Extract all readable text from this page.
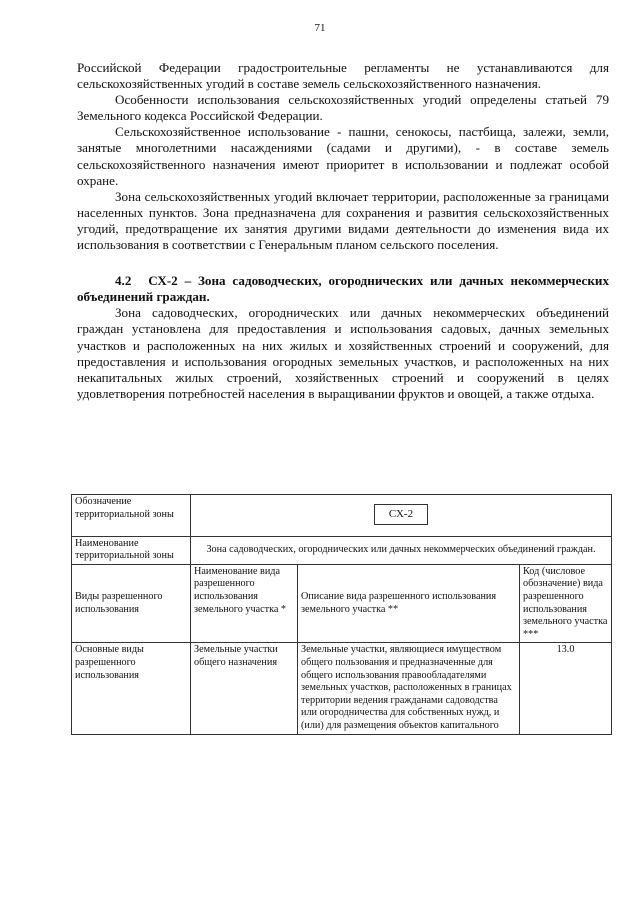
71

Российской Федерации градостроительные регламенты не устанавливаются для сельскохозяйственных угодий в составе земель сельскохозяйственного назначения.

Особенности использования сельскохозяйственных угодий определены статьей 79 Земельного кодекса Российской Федерации.

Сельскохозяйственное использование - пашни, сенокосы, пастбища, залежи, земли, занятые многолетними насаждениями (садами и другими), - в составе земель сельскохозяйственного назначения имеют приоритет в использовании и подлежат особой охране.

Зона сельскохозяйственных угодий включает территории, расположенные за границами населенных пунктов. Зона предназначена для сохранения и развития сельскохозяйственных угодий, предотвращение их занятия другими видами деятельности до изменения вида их использования в соответствии с Генеральным планом сельского поселения.

4.2 СХ-2 – Зона садоводческих, огороднических или дачных некоммерческих объединений граждан.

Зона садоводческих, огороднических или дачных некоммерческих объединений граждан установлена для предоставления и использования садовых, дачных земельных участков и расположенных на них жилых и хозяйственных строений и сооружений, для предоставления и использования огородных земельных участков, и расположенных на них некапитальных жилых строений, хозяйственных строений и сооружений в целях удовлетворения потребностей населения в выращивании фруктов и овощей, а также отдыха.

Обозначение территориальной зоны	СХ-2		
Наименование территориальной зоны	Зона садоводческих, огороднических или дачных некоммерческих объединений граждан.		
Виды разрешенного использования	Наименование вида разрешенного использования земельного участка *	Описание вида разрешенного использования земельного участка **	Код (числовое обозначение) вида разрешенного использования земельного участка ***
Основные виды разрешенного использования	Земельные участки общего назначения	Земельные участки, являющиеся имуществом общего пользования и предназначенные для общего использования правообладателями земельных участков, расположенных в границах территории ведения гражданами садоводства или огородничества для собственных нужд, и (или) для размещения объектов капитального	13.0
